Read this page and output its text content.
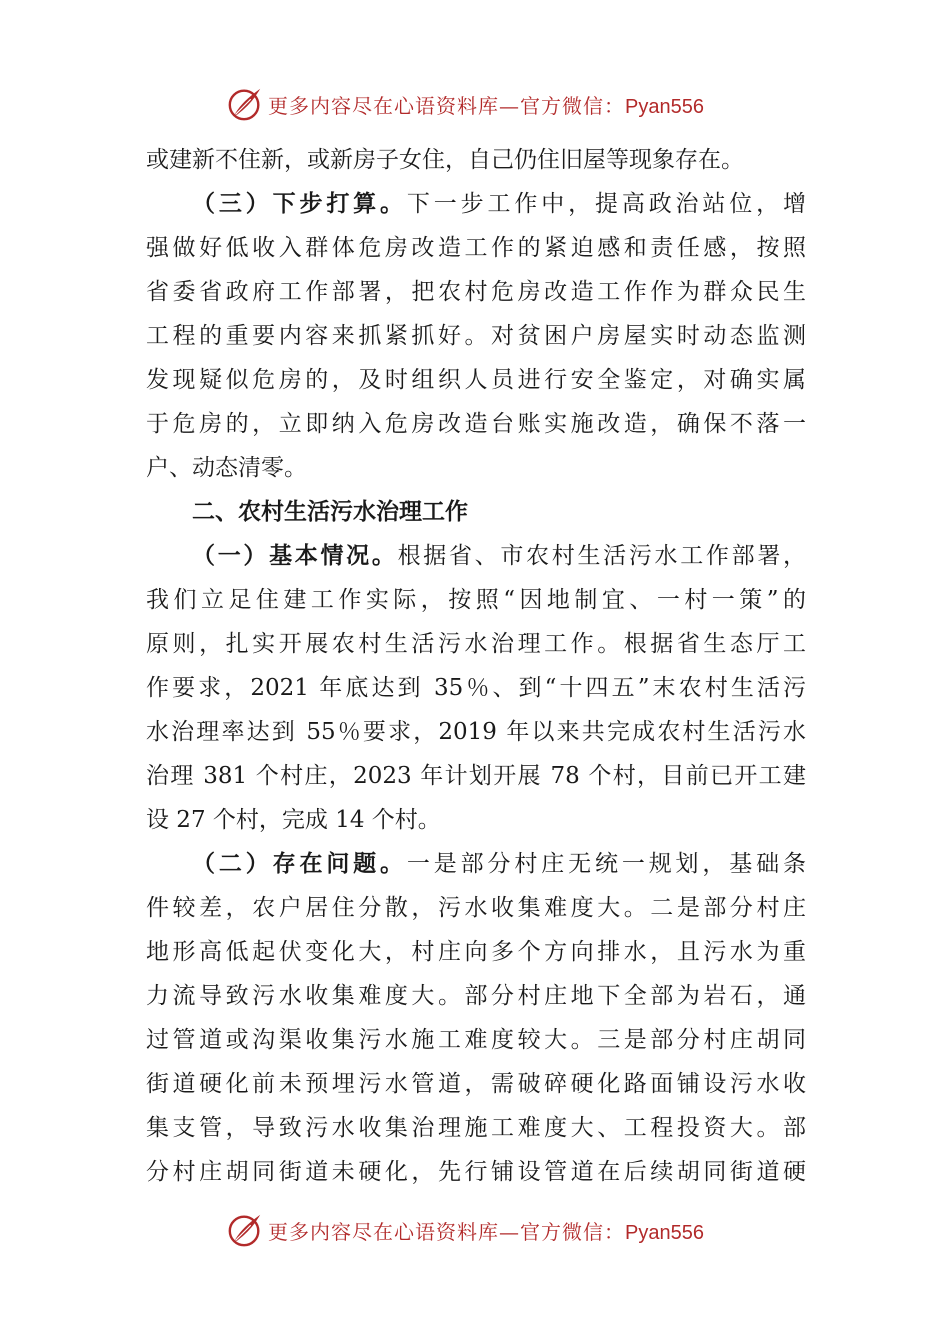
更多内容尽在心语资料库—官方微信：Pyan556
或建新不住新，或新房子女住，自己仍住旧屋等现象存在。
（三）下步打算。下一步工作中，提高政治站位，增
强做好低收入群体危房改造工作的紧迫感和责任感，按照
省委省政府工作部署，把农村危房改造工作作为群众民生
工程的重要内容来抓紧抓好。对贫困户房屋实时动态监测
发现疑似危房的，及时组织人员进行安全鉴定，对确实属
于危房的，立即纳入危房改造台账实施改造，确保不落一
户、动态清零。
二、农村生活污水治理工作
（一）基本情况。根据省、市农村生活污水工作部署，
我们立足住建工作实际，按照“因地制宜、一村一策”的
原则，扎实开展农村生活污水治理工作。根据省生态厅工
作要求，2021 年底达到 35％、到“十四五”末农村生活污
水治理率达到 55％要求，2019 年以来共完成农村生活污水
治理 381 个村庄，2023 年计划开展 78 个村，目前已开工建
设 27 个村，完成 14 个村。
（二）存在问题。一是部分村庄无统一规划，基础条
件较差，农户居住分散，污水收集难度大。二是部分村庄
地形高低起伏变化大，村庄向多个方向排水，且污水为重
力流导致污水收集难度大。部分村庄地下全部为岩石，通
过管道或沟渠收集污水施工难度较大。三是部分村庄胡同
街道硬化前未预埋污水管道，需破碎硬化路面铺设污水收
集支管，导致污水收集治理施工难度大、工程投资大。部
分村庄胡同街道未硬化，先行铺设管道在后续胡同街道硬
更多内容尽在心语资料库—官方微信：Pyan556
